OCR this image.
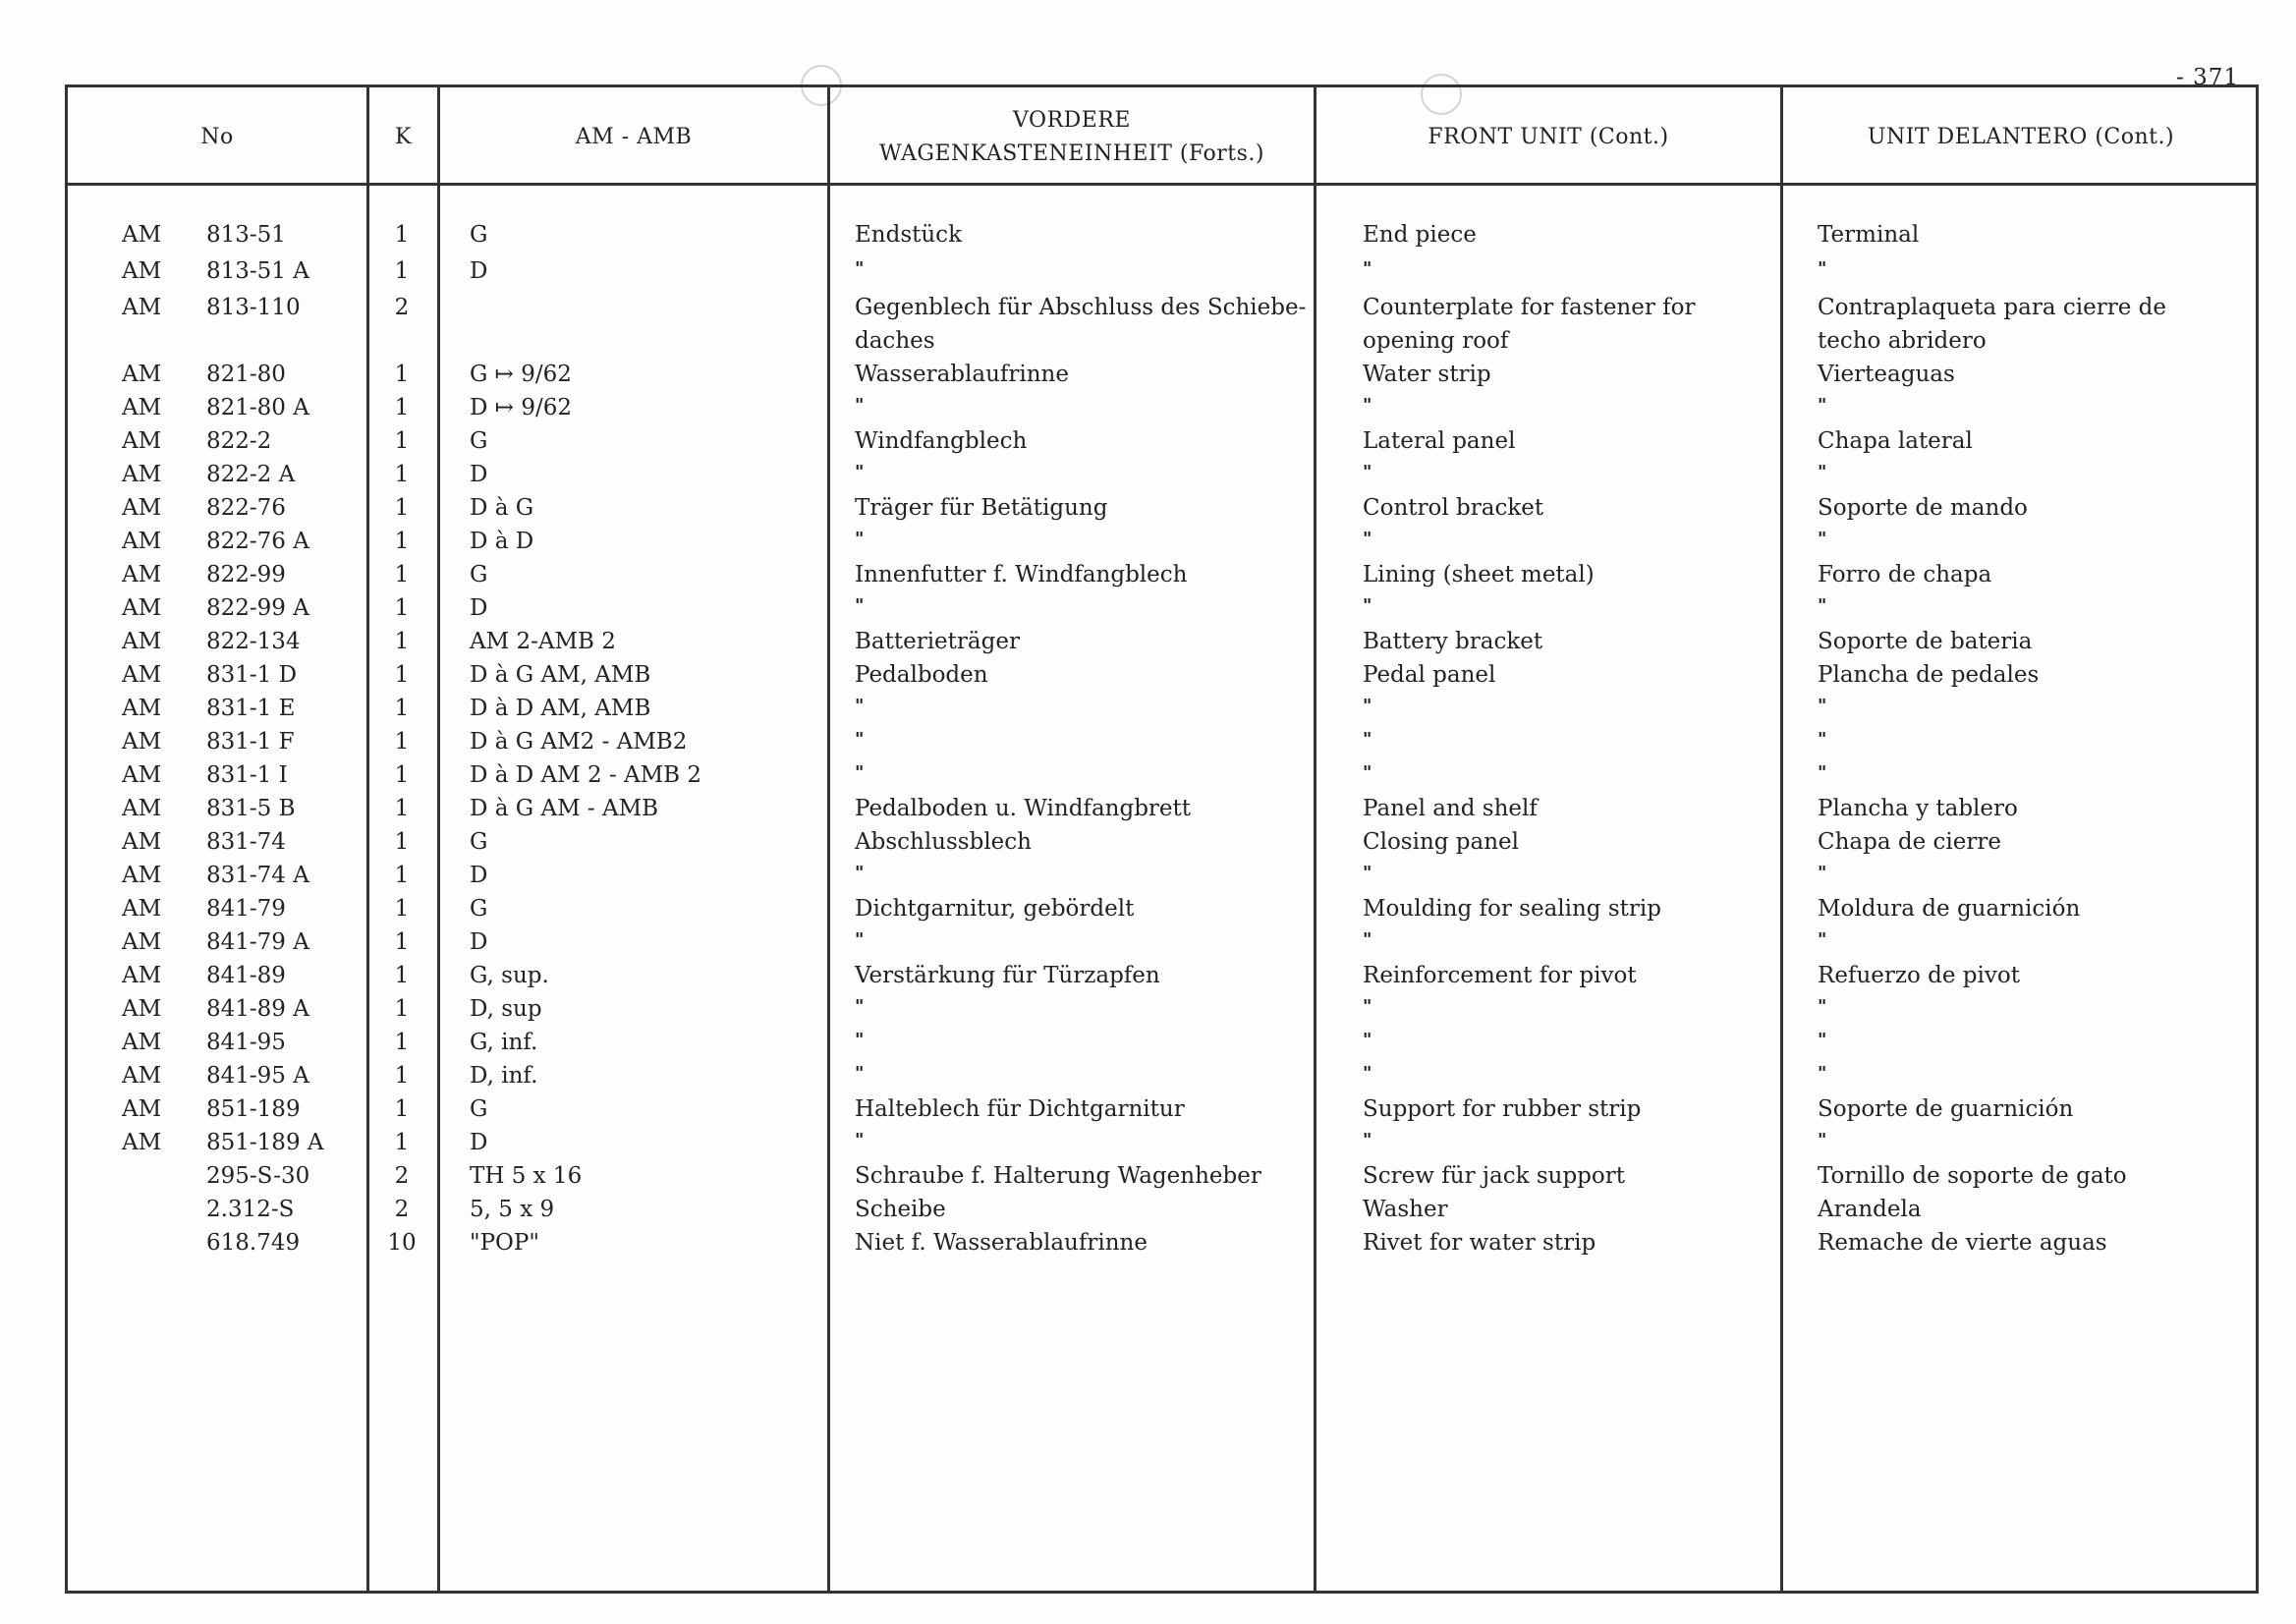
- 371
No	K	AM - AMB
VORDERE
WAGENKASTENEINHEIT (Forts.)
FRONT UNIT (Cont.)	UNIT DELANTERO (Cont.)
AM 813-51	1	G	Endstück	End piece	Terminal
AM 813-51 A	1	D	"	"	"
AM 813-110	2	Gegenblech für Abschluss des Schiebe-	Counterplate for fastener for	Contraplaqueta para cierre de
daches	opening roof	techo abridero
AM 821-80	1	G ↦ 9/62	Wasserablaufrinne	Water strip	Vierteaguas
AM 821-80 A	1	D ↦ 9/62	"	"	"
AM 822-2	1	G	Windfangblech	Lateral panel	Chapa lateral
AM 822-2 A	1	D	"	"	"
AM 822-76	1	D à G	Träger für Betätigung	Control bracket	Soporte de mando
AM 822-76 A	1	D à D	"	"	"
AM 822-99	1	G	Innenfutter f. Windfangblech	Lining (sheet metal)	Forro de chapa
AM 822-99 A	1	D	"	"	"
AM 822-134	1	AM 2-AMB 2	Batterieträger	Battery bracket	Soporte de bateria
AM 831-1 D	1	D à G AM, AMB	Pedalboden	Pedal panel	Plancha de pedales
AM 831-1 E	1	D à D AM, AMB	"	"	"
AM 831-1 F	1	D à G AM2 - AMB2	"	"	"
AM 831-1 I	1	D à D AM 2 - AMB 2	"	"	"
AM 831-5 B	1	D à G AM - AMB	Pedalboden u. Windfangbrett	Panel and shelf	Plancha y tablero
AM 831-74	1	G	Abschlussblech	Closing panel	Chapa de cierre
AM 831-74 A	1	D	"	"	"
AM 841-79	1	G	Dichtgarnitur, gebördelt	Moulding for sealing strip	Moldura de guarnición
AM 841-79 A	1	D	"	"	"
AM 841-89	1	G, sup.	Verstärkung für Türzapfen	Reinforcement for pivot	Refuerzo de pivot
AM 841-89 A	1	D, sup	"	"	"
AM 841-95	1	G, inf.	"	"	"
AM 841-95 A	1	D, inf.	"	"	"
AM 851-189	1	G	Halteblech für Dichtgarnitur	Support for rubber strip	Soporte de guarnición
AM 851-189 A	1	D	"	"	"
295-S-30	2	TH 5 x 16	Schraube f. Halterung Wagenheber	Screw für jack support	Tornillo de soporte de gato
2.312-S	2	5, 5 x 9	Scheibe	Washer	Arandela
618.749	10 "POP"	Niet f. Wasserablaufrinne	Rivet for water strip	Remache de vierte aguas
